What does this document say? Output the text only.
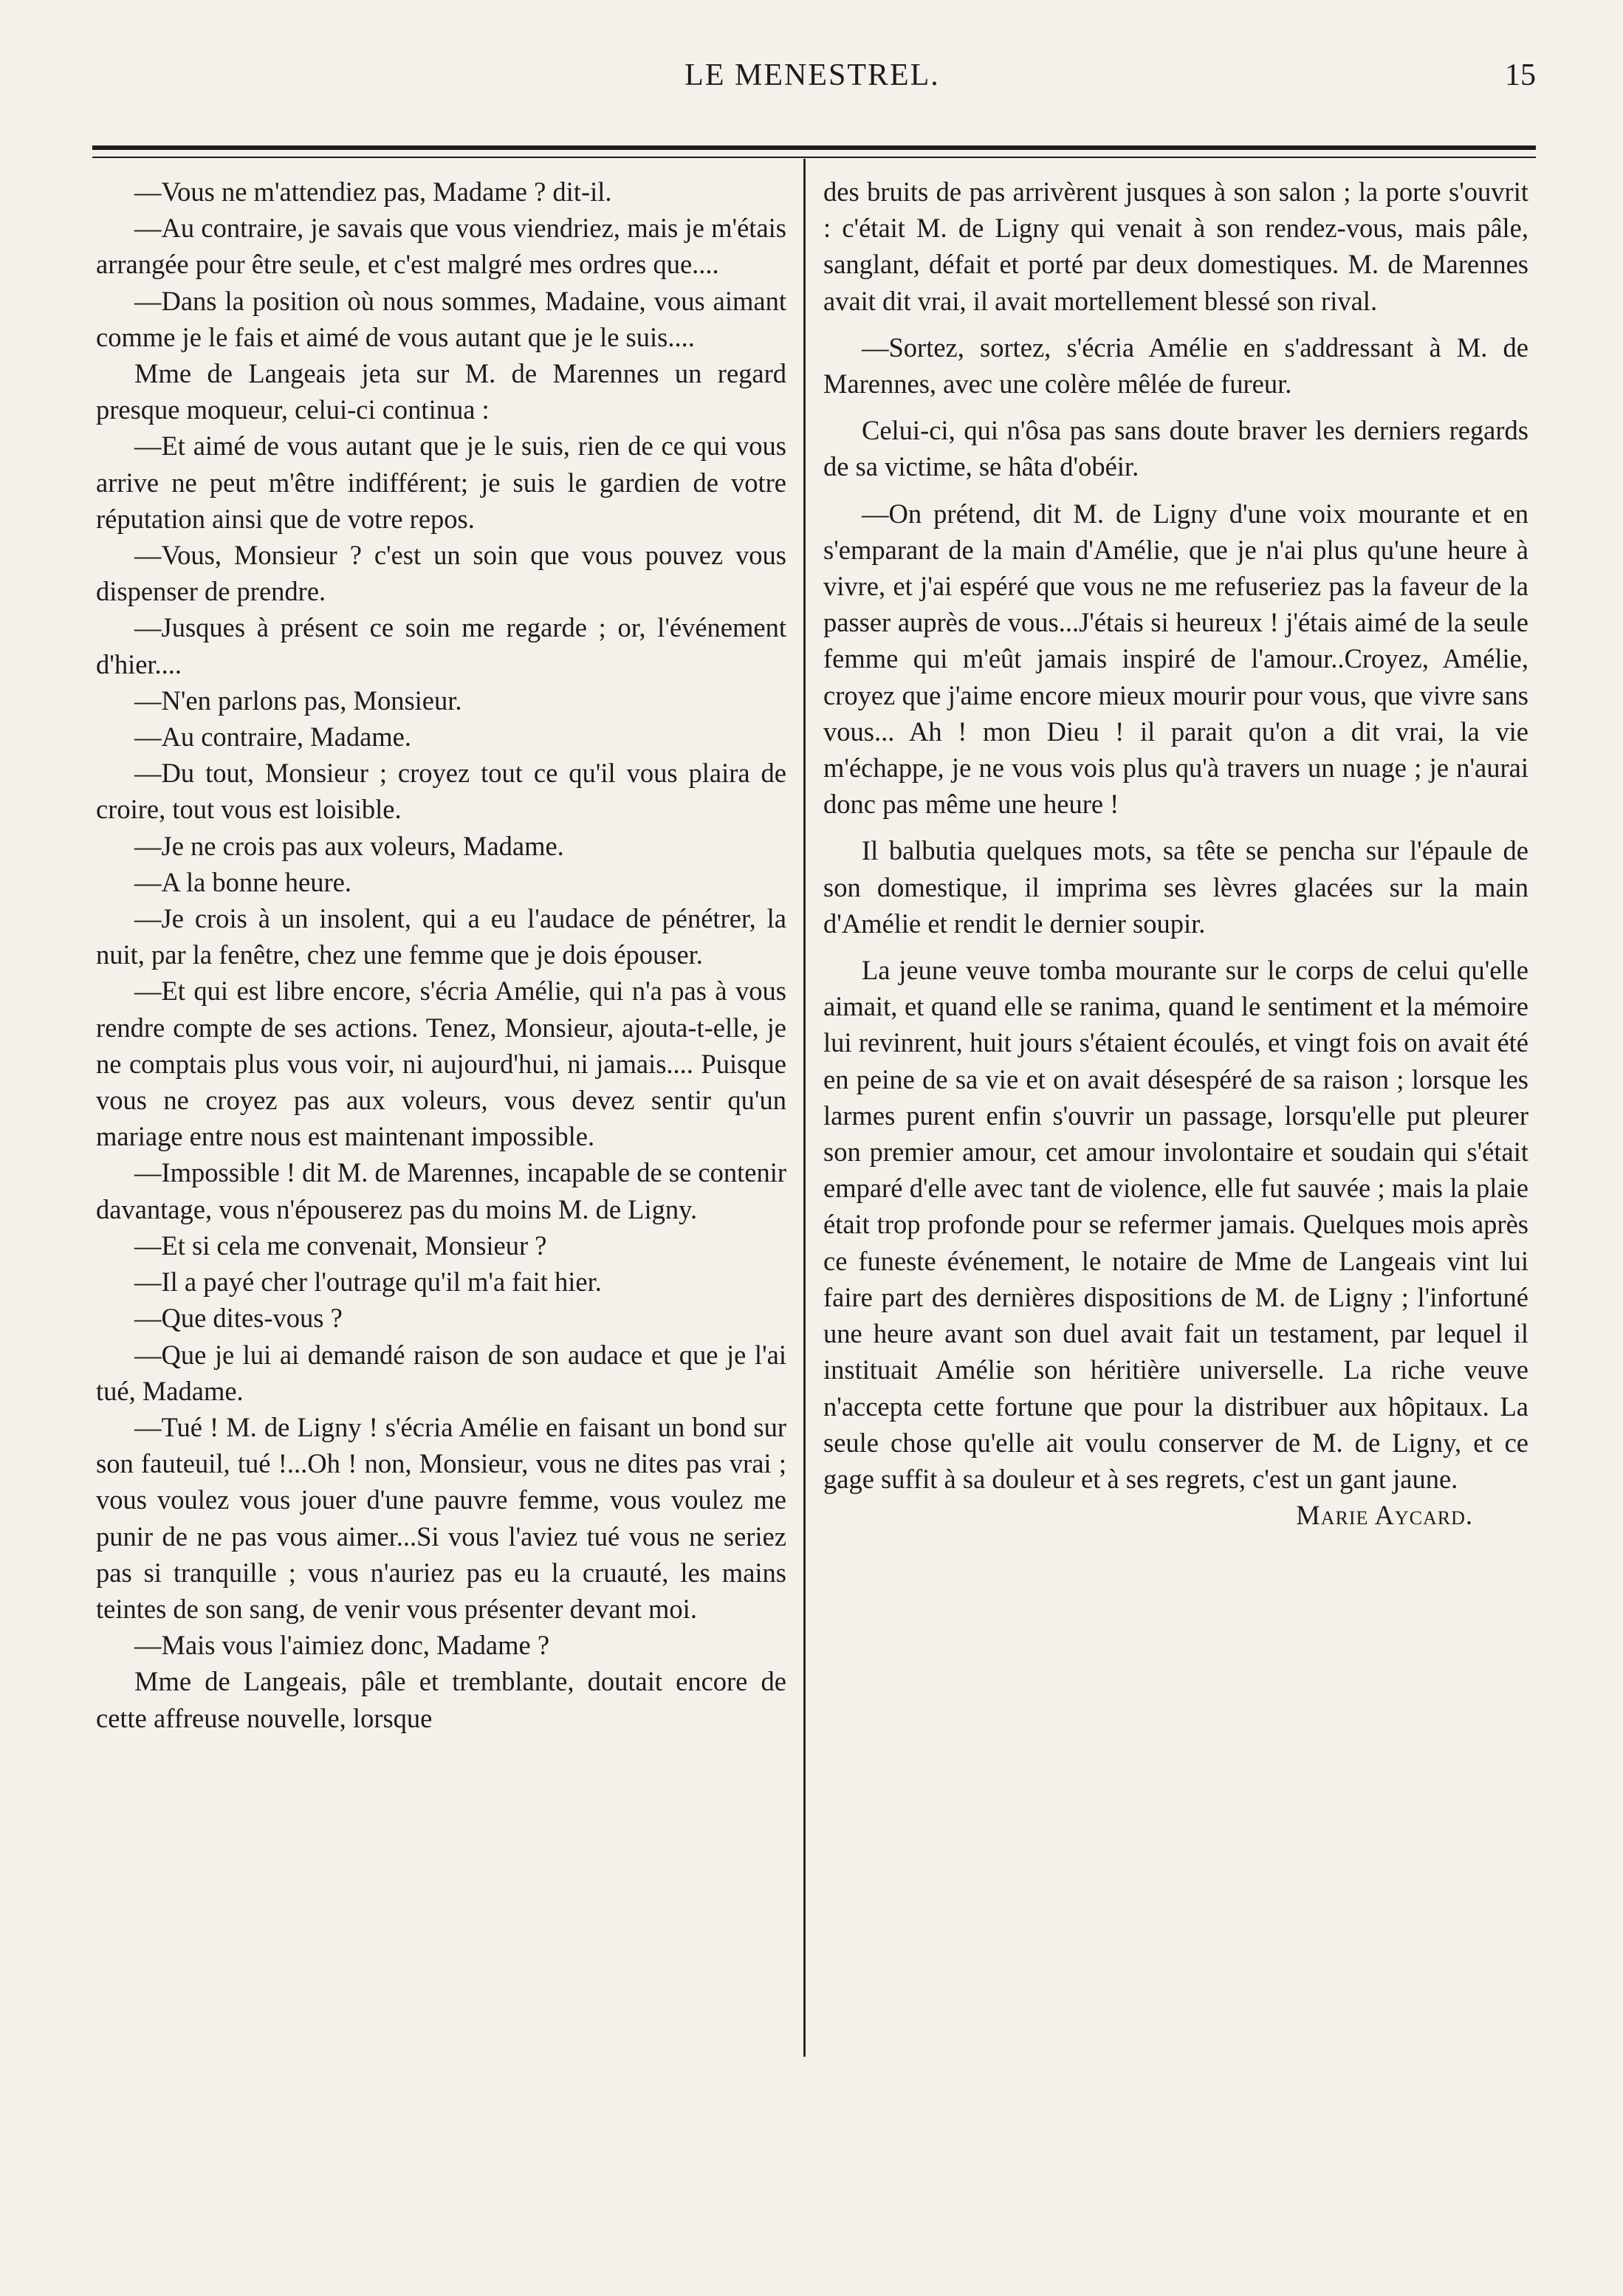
LE MENESTREL.	15

—Vous ne m'attendiez pas, Madame ? dit-il.

—Au contraire, je savais que vous viendriez, mais je m'étais arrangée pour être seule, et c'est malgré mes ordres que....

—Dans la position où nous sommes, Madaine, vous aimant comme je le fais et aimé de vous autant que je le suis....

Mme de Langeais jeta sur M. de Marennes un regard presque moqueur, celui-ci continua :

—Et aimé de vous autant que je le suis, rien de ce qui vous arrive ne peut m'être indifférent; je suis le gardien de votre réputation ainsi que de votre repos.

—Vous, Monsieur ? c'est un soin que vous pouvez vous dispenser de prendre.

—Jusques à présent ce soin me regarde ; or, l'événement d'hier....

—N'en parlons pas, Monsieur.

—Au contraire, Madame.

—Du tout, Monsieur ; croyez tout ce qu'il vous plaira de croire, tout vous est loisible.

—Je ne crois pas aux voleurs, Madame.

—A la bonne heure.

—Je crois à un insolent, qui a eu l'audace de pénétrer, la nuit, par la fenêtre, chez une femme que je dois épouser.

—Et qui est libre encore, s'écria Amélie, qui n'a pas à vous rendre compte de ses actions. Tenez, Monsieur, ajouta-t-elle, je ne comptais plus vous voir, ni aujourd'hui, ni jamais.... Puisque vous ne croyez pas aux voleurs, vous devez sentir qu'un mariage entre nous est maintenant impossible.

—Impossible ! dit M. de Marennes, incapable de se contenir davantage, vous n'épouserez pas du moins M. de Ligny.

—Et si cela me convenait, Monsieur ?

—Il a payé cher l'outrage qu'il m'a fait hier.

—Que dites-vous ?

—Que je lui ai demandé raison de son audace et que je l'ai tué, Madame.

—Tué ! M. de Ligny ! s'écria Amélie en faisant un bond sur son fauteuil, tué !...Oh ! non, Monsieur, vous ne dites pas vrai ; vous voulez vous jouer d'une pauvre femme, vous voulez me punir de ne pas vous aimer...Si vous l'aviez tué vous ne seriez pas si tranquille ; vous n'auriez pas eu la cruauté, les mains teintes de son sang, de venir vous présenter devant moi.

—Mais vous l'aimiez donc, Madame ?

Mme de Langeais, pâle et tremblante, doutait encore de cette affreuse nouvelle, lorsque

des bruits de pas arrivèrent jusques à son salon ; la porte s'ouvrit : c'était M. de Ligny qui venait à son rendez-vous, mais pâle, sanglant, défait et porté par deux domestiques. M. de Marennes avait dit vrai, il avait mortellement blessé son rival.

—Sortez, sortez, s'écria Amélie en s'addressant à M. de Marennes, avec une colère mêlée de fureur.

Celui-ci, qui n'ôsa pas sans doute braver les derniers regards de sa victime, se hâta d'obéir.

—On prétend, dit M. de Ligny d'une voix mourante et en s'emparant de la main d'Amélie, que je n'ai plus qu'une heure à vivre, et j'ai espéré que vous ne me refuseriez pas la faveur de la passer auprès de vous...J'étais si heureux ! j'étais aimé de la seule femme qui m'eût jamais inspiré de l'amour..Croyez, Amélie, croyez que j'aime encore mieux mourir pour vous, que vivre sans vous... Ah ! mon Dieu ! il parait qu'on a dit vrai, la vie m'échappe, je ne vous vois plus qu'à travers un nuage ; je n'aurai donc pas même une heure !

Il balbutia quelques mots, sa tête se pencha sur l'épaule de son domestique, il imprima ses lèvres glacées sur la main d'Amélie et rendit le dernier soupir.

La jeune veuve tomba mourante sur le corps de celui qu'elle aimait, et quand elle se ranima, quand le sentiment et la mémoire lui revinrent, huit jours s'étaient écoulés, et vingt fois on avait été en peine de sa vie et on avait désespéré de sa raison ; lorsque les larmes purent enfin s'ouvrir un passage, lorsqu'elle put pleurer son premier amour, cet amour involontaire et soudain qui s'était emparé d'elle avec tant de violence, elle fut sauvée ; mais la plaie était trop profonde pour se refermer jamais. Quelques mois après ce funeste événement, le notaire de Mme de Langeais vint lui faire part des dernières dispositions de M. de Ligny ; l'infortuné une heure avant son duel avait fait un testament, par lequel il instituait Amélie son héritière universelle. La riche veuve n'accepta cette fortune que pour la distribuer aux hôpitaux. La seule chose qu'elle ait voulu conserver de M. de Ligny, et ce gage suffit à sa douleur et à ses regrets, c'est un gant jaune.

Marie Aycard.
